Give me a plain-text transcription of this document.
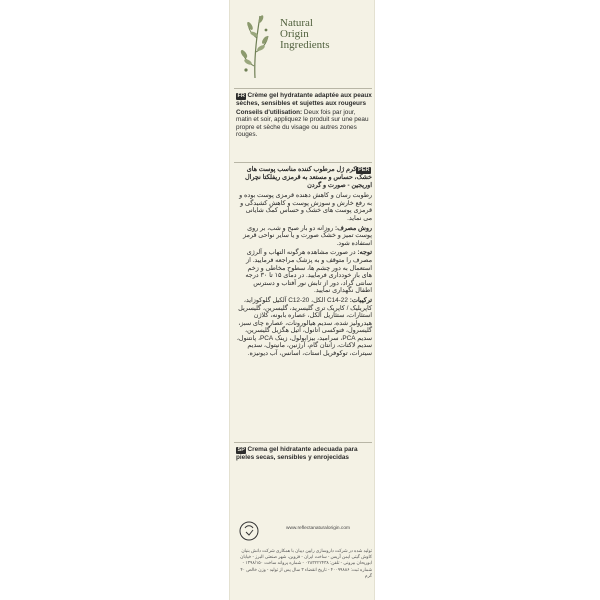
Natural
Origin
Ingredients
FR Crème gel hydratante adaptée aux peaux sèches, sensibles et sujettes aux rougeurs
Conseils d'utilisation: Deux fois par jour, matin et soir, appliquez le produit sur une peau propre et sèche du visage ou autres zones rouges.
PERکرم ژل مرطوب کننده مناسب پوست های خشک، حساس و مستعد به قرمزی ریفلکتا نچرال اوریجین - صورت و گردن
رطوبت رسان و کاهش دهنده قرمزی پوست بوده و به رفع خارش و سوزش پوست و کاهش کشیدگی و قرمزی پوست های خشک و حساس کمک شایانی می نماید.
روش مصرف: روزانه دو بار صبح و شب، بر روی پوست تمیز و خشک صورت و یا سایر نواحی قرمز استفاده شود.
توجه: در صورت مشاهده هرگونه التهاب و آلرژی مصرف را متوقف و به پزشک مراجعه فرمایید. از استعمال به دور چشم ها، سطوح مخاطی و زخم های باز خودداری فرمایید. در دمای ۱۵ تا ۳۰ درجه سانتی گراد، دور از تابش نور آفتاب و دسترس اطفال نگهداری نمایید.
ترکیبات: C14-22 الکل، C12-20 آلکیل گلوکوزاید، کاپریلیک / کاپریک تری گلیسرید، گلیسرین، گلیسریل استئارات، ستئاریل الکل، عصاره بابونه، کلاژن هیدرولیز شده، سدیم هیالورونات، عصاره چای سبز، گلیسرول، فنوکسی اتانول، اتیل هگزیل گلیسرین، سدیم PCA، سرامید، بیزابولول، زینک PCA، پانتنول، سدیم لاکتات، زانتان گام، آرژنین، مانیتول، سدیم سیترات، توکوفریل استات، اسانس، آب دیونیزه.
SP Crema gel hidratante adecuada para pieles secas, sensibles y enrojecidas
www.reflectanaturalorigin.com
تولید شده در شرکت داروسازی رایین دیبان با همکاری شرکت دانش بنیان کاوش گیتی ایمن آریس - ساخت ایران - قزوین، شهر صنعتی البرز - خیابان ابوریحان بیرونی - تلفن: ۰۲۸۳۲۲۲۴۳۸ - شماره پروانه ساخت ۱۳۹۸/۱۵۰ - شماره ثبت: ۴۰۰۹۹۸۸۶ - تاریخ انقضاء ۳ سال پس از تولید - وزن خالص ۴۰ گرم
